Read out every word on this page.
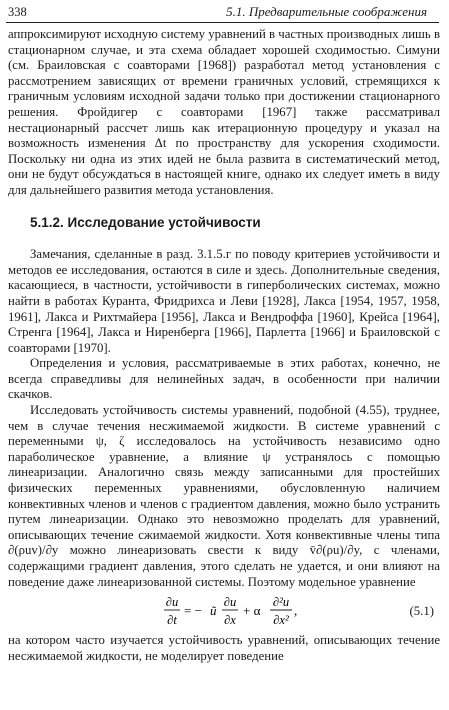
338	5.1. Предварительные соображения

аппроксимируют исходную систему уравнений в частных производных лишь в стационарном случае, и эта схема обладает хорошей сходимостью. Симуни (см. Браиловская с соавторами [1968]) разработал метод установления с рассмотрением зависящих от времени граничных условий, стремящихся к граничным условиям исходной задачи только при достижении стационарного решения. Фройдигер с соавторами [1967] также рассматривал нестационарный рассчет лишь как итерационную процедуру и указал на возможность изменения Δt по пространству для ускорения сходимости. Поскольку ни одна из этих идей не была развита в систематический метод, они не будут обсуждаться в настоящей книге, однако их следует иметь в виду для дальнейшего развития метода установления.

5.1.2. Исследование устойчивости

Замечания, сделанные в разд. 3.1.5.г по поводу критериев устойчивости и методов ее исследования, остаются в силе и здесь. Дополнительные сведения, касающиеся, в частности, устойчивости в гиперболических системах, можно найти в работах Куранта, Фридрихса и Леви [1928], Лакса [1954, 1957, 1958, 1961], Лакса и Рихтмайера [1956], Лакса и Вендроффа [1960], Крейса [1964], Стренга [1964], Лакса и Ниренберга [1966], Парлетта [1966] и Браиловской с соавторами [1970].

Определения и условия, рассматриваемые в этих работах, конечно, не всегда справедливы для нелинейных задач, в особенности при наличии скачков.

Исследовать устойчивость системы уравнений, подобной (4.55), труднее, чем в случае течения несжимаемой жидкости. В системе уравнений с переменными ψ, ζ исследовалось на устойчивость независимо одно параболическое уравнение, а влияние ψ устранялось с помощью линеаризации. Аналогично связь между записанными для простейших физических переменных уравнениями, обусловленную наличием конвективных членов и членов с градиентом давления, можно было устранить путем линеаризации. Однако это невозможно проделать для уравнений, описывающих течение сжимаемой жидкости. Хотя конвективные члены типа ∂(ρuv)/∂y можно линеаризовать свести к виду v̄∂(ρu)/∂y, с членами, содержащими градиент давления, этого сделать не удается, и они влияют на поведение даже линеаризованной системы. Поэтому модельное уравнение

∂u
∂t
= − ũ
∂u
∂x
+ α
∂²u
∂x²
,	(5.1)

на котором часто изучается устойчивость уравнений, описывающих течение несжимаемой жидкости, не моделирует поведение
